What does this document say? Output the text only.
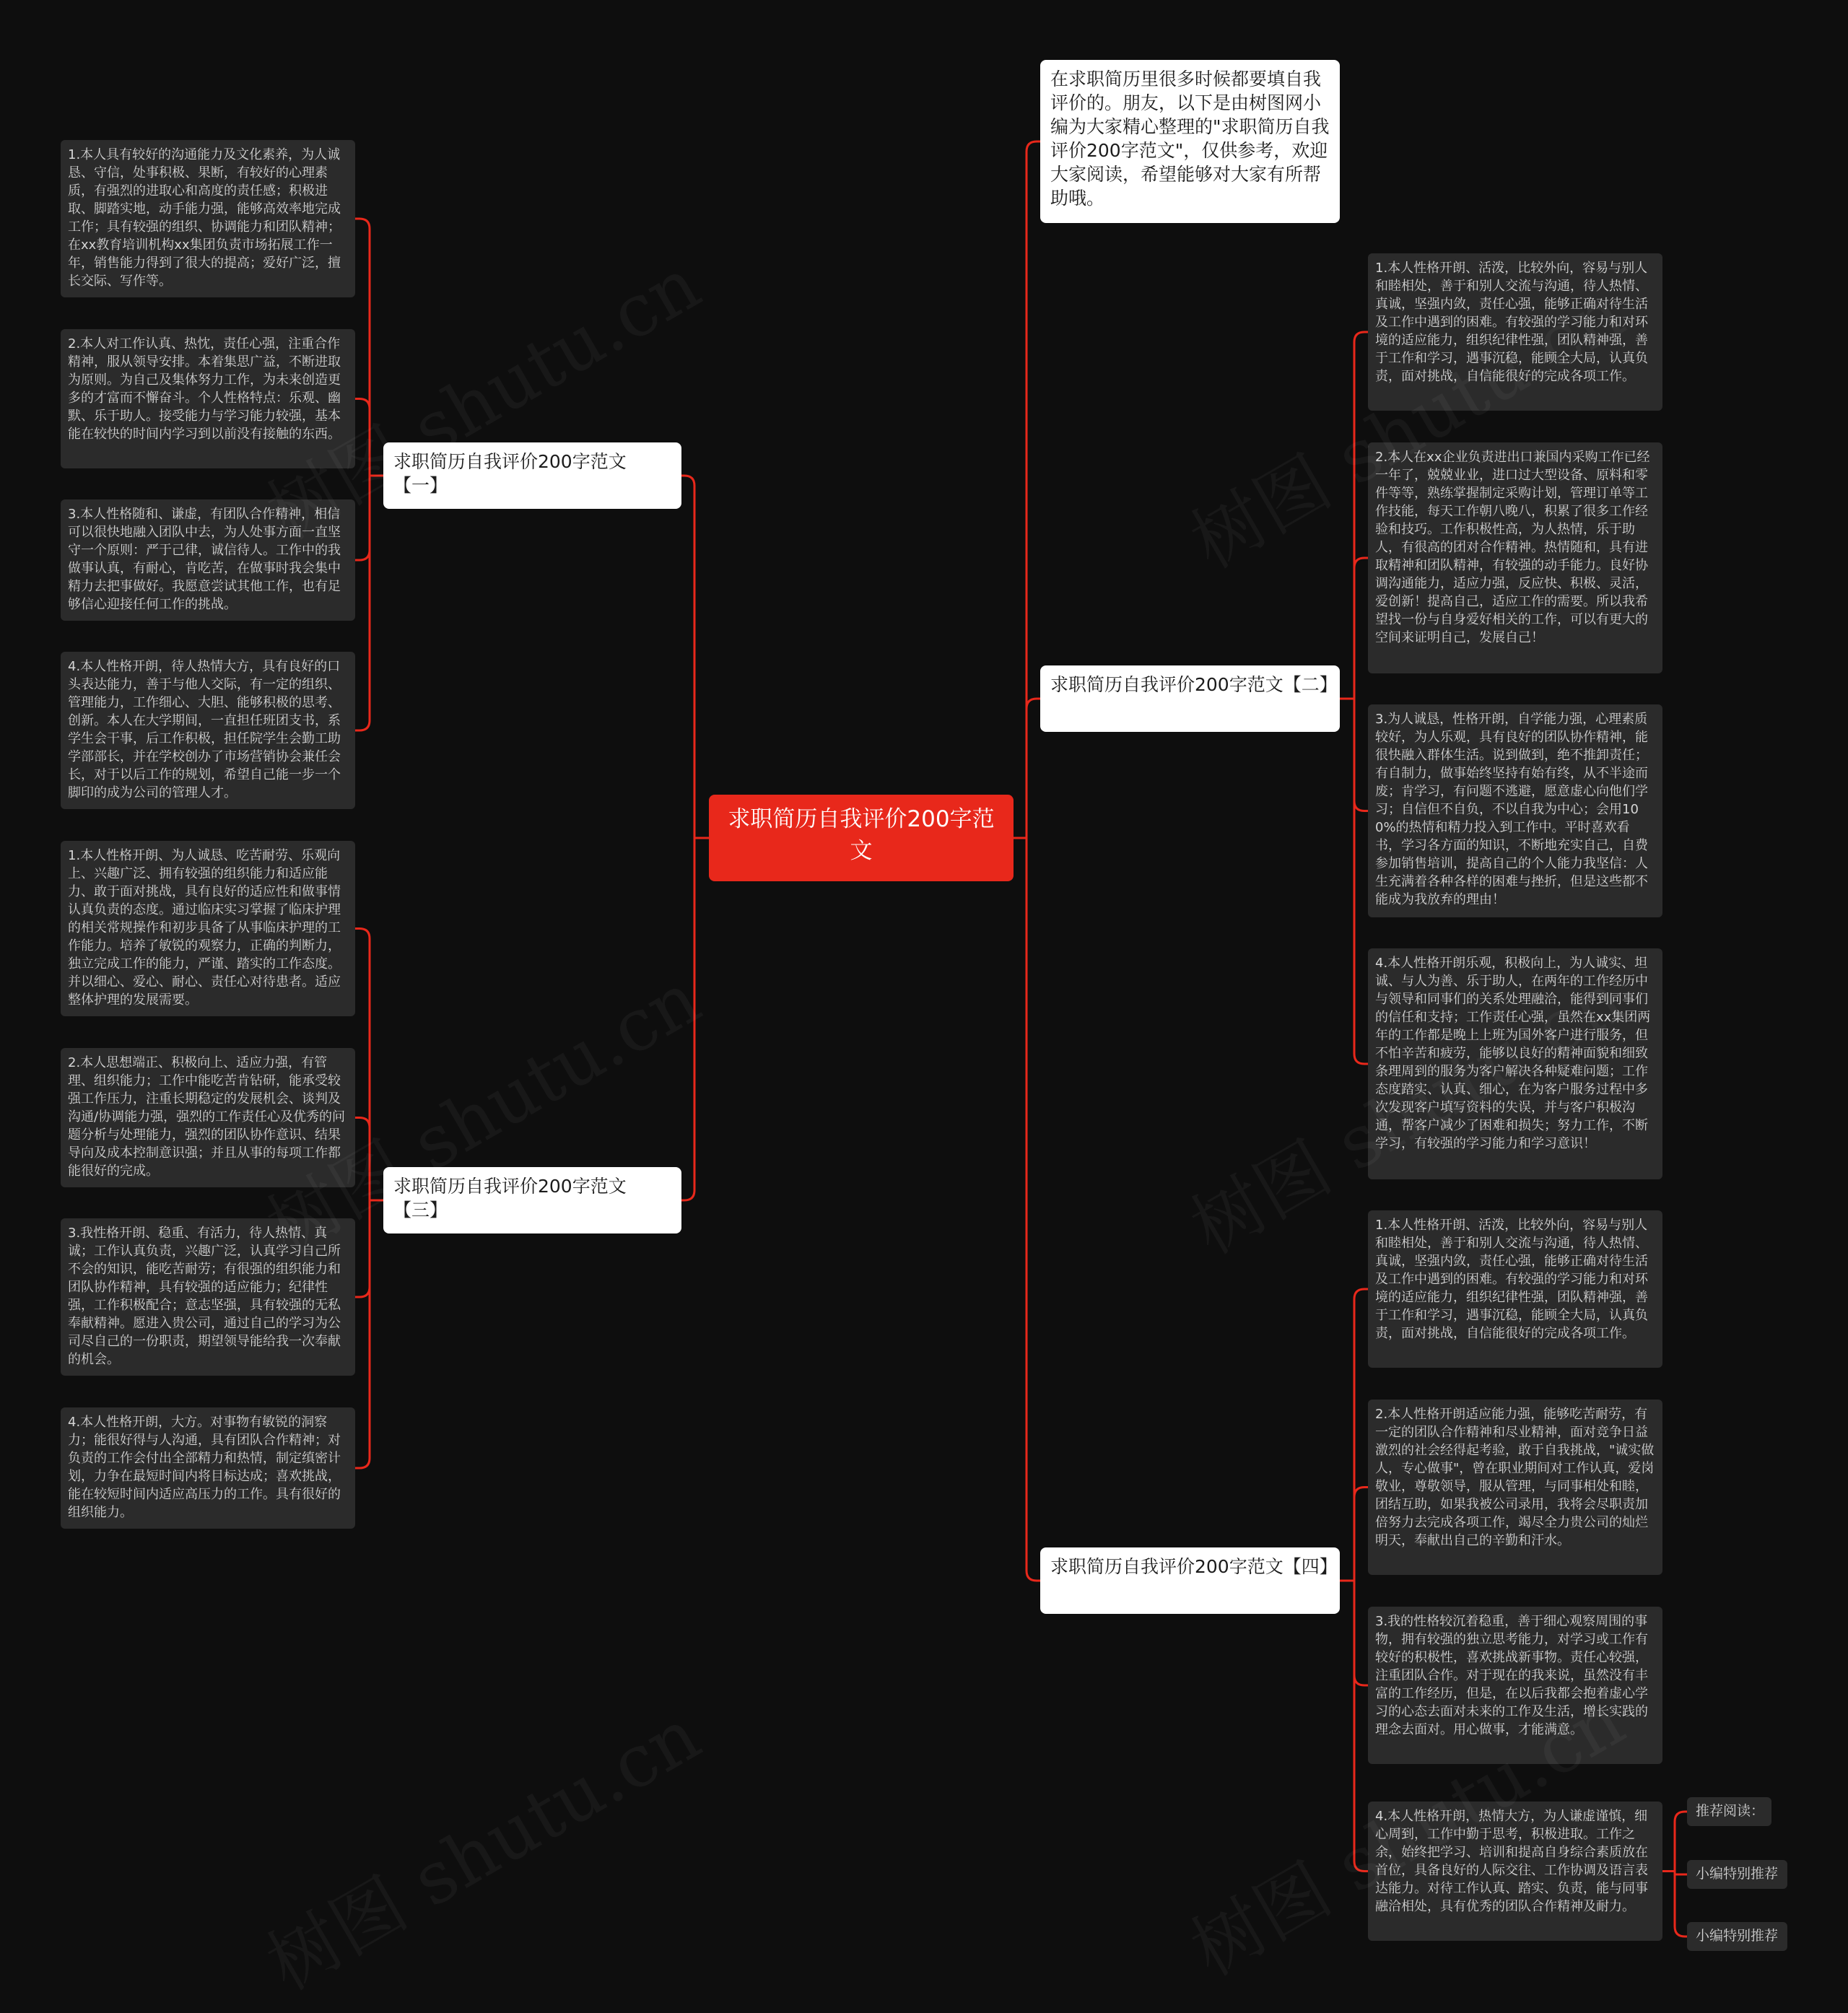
求职简历自我评价200字范文
在求职简历里很多时候都要填自我评价的。朋友，以下是由树图网小编为大家精心整理的"求职简历自我评价200字范文"，仅供参考，欢迎大家阅读，希望能够对大家有所帮助哦。
求职简历自我评价200字范文【一】
求职简历自我评价200字范文【二】
求职简历自我评价200字范文【三】
求职简历自我评价200字范文【四】
1.本人具有较好的沟通能力及文化素养，为人诚恳、守信，处事积极、果断，有较好的心理素质，有强烈的进取心和高度的责任感；积极进取、脚踏实地，动手能力强，能够高效率地完成工作；具有较强的组织、协调能力和团队精神；在xx教育培训机构xx集团负责市场拓展工作一年，销售能力得到了很大的提高；爱好广泛，擅长交际、写作等。
2.本人对工作认真、热忱，责任心强，注重合作精神，服从领导安排。本着集思广益，不断进取为原则。为自己及集体努力工作，为未来创造更多的才富而不懈奋斗。个人性格特点：乐观、幽默、乐于助人。接受能力与学习能力较强，基本能在较快的时间内学习到以前没有接触的东西。
3.本人性格随和、谦虚，有团队合作精神，相信可以很快地融入团队中去，为人处事方面一直坚守一个原则：严于己律，诚信待人。工作中的我做事认真，有耐心，肯吃苦，在做事时我会集中精力去把事做好。我愿意尝试其他工作，也有足够信心迎接任何工作的挑战。
4.本人性格开朗，待人热情大方，具有良好的口头表达能力，善于与他人交际，有一定的组织、管理能力，工作细心、大胆、能够积极的思考、创新。本人在大学期间，一直担任班团支书，系学生会干事，后工作积极，担任院学生会勤工助学部部长，并在学校创办了市场营销协会兼任会长，对于以后工作的规划，希望自己能一步一个脚印的成为公司的管理人才。
1.本人性格开朗、为人诚恳、吃苦耐劳、乐观向上、兴趣广泛、拥有较强的组织能力和适应能力、敢于面对挑战，具有良好的适应性和做事情认真负责的态度。通过临床实习掌握了临床护理的相关常规操作和初步具备了从事临床护理的工作能力。培养了敏锐的观察力，正确的判断力，独立完成工作的能力，严谨、踏实的工作态度。并以细心、爱心、耐心、责任心对待患者。适应整体护理的发展需要。
2.本人思想端正、积极向上、适应力强，有管理、组织能力；工作中能吃苦肯钻研，能承受较强工作压力，注重长期稳定的发展机会、谈判及沟通/协调能力强，强烈的工作责任心及优秀的问题分析与处理能力，强烈的团队协作意识、结果导向及成本控制意识强；并且从事的每项工作都能很好的完成。
3.我性格开朗、稳重、有活力，待人热情、真诚；工作认真负责，兴趣广泛，认真学习自己所不会的知识，能吃苦耐劳；有很强的组织能力和团队协作精神，具有较强的适应能力；纪律性强，工作积极配合；意志坚强，具有较强的无私奉献精神。愿进入贵公司，通过自己的学习为公司尽自己的一份职责，期望领导能给我一次奉献的机会。
4.本人性格开朗，大方。对事物有敏锐的洞察力；能很好得与人沟通，具有团队合作精神；对负责的工作会付出全部精力和热情，制定缜密计划，力争在最短时间内将目标达成；喜欢挑战，能在较短时间内适应高压力的工作。具有很好的组织能力。
1.本人性格开朗、活泼，比较外向，容易与别人和睦相处，善于和别人交流与沟通，待人热情、真诚，坚强内敛，责任心强，能够正确对待生活及工作中遇到的困难。有较强的学习能力和对环境的适应能力，组织纪律性强，团队精神强，善于工作和学习，遇事沉稳，能顾全大局，认真负责，面对挑战，自信能很好的完成各项工作。
2.本人在xx企业负责进出口兼国内采购工作已经一年了，兢兢业业，进口过大型设备、原料和零件等等，熟练掌握制定采购计划，管理订单等工作技能，每天工作朝八晚八，积累了很多工作经验和技巧。工作积极性高，为人热情，乐于助人，有很高的团对合作精神。热情随和，具有进取精神和团队精神，有较强的动手能力。良好协调沟通能力，适应力强，反应快、积极、灵活，爱创新！提高自己，适应工作的需要。所以我希望找一份与自身爱好相关的工作，可以有更大的空间来证明自己，发展自己！
3.为人诚恳，性格开朗，自学能力强，心理素质较好，为人乐观，具有良好的团队协作精神，能很快融入群体生活。说到做到，绝不推卸责任；有自制力，做事始终坚持有始有终，从不半途而废；肯学习，有问题不逃避，愿意虚心向他们学习；自信但不自负，不以自我为中心；会用100%的热情和精力投入到工作中。平时喜欢看书，学习各方面的知识，不断地充实自己，自费参加销售培训，提高自己的个人能力我坚信：人生充满着各种各样的困难与挫折，但是这些都不能成为我放弃的理由！
4.本人性格开朗乐观，积极向上，为人诚实、坦诚、与人为善、乐于助人，在两年的工作经历中与领导和同事们的关系处理融洽，能得到同事们的信任和支持；工作责任心强，虽然在xx集团两年的工作都是晚上上班为国外客户进行服务，但不怕辛苦和疲劳，能够以良好的精神面貌和细致条理周到的服务为客户解决各种疑难问题；工作态度踏实、认真、细心，在为客户服务过程中多次发现客户填写资料的失误，并与客户积极沟通，帮客户减少了困难和损失；努力工作，不断学习，有较强的学习能力和学习意识！
1.本人性格开朗、活泼，比较外向，容易与别人和睦相处，善于和别人交流与沟通，待人热情、真诚，坚强内敛，责任心强，能够正确对待生活及工作中遇到的困难。有较强的学习能力和对环境的适应能力，组织纪律性强，团队精神强，善于工作和学习，遇事沉稳，能顾全大局，认真负责，面对挑战，自信能很好的完成各项工作。
2.本人性格开朗适应能力强，能够吃苦耐劳，有一定的团队合作精神和尽业精神，面对竞争日益激烈的社会经得起考验，敢于自我挑战，"诚实做人，专心做事"，曾在职业期间对工作认真，爱岗敬业，尊敬领导，服从管理，与同事相处和睦，团结互助，如果我被公司录用，我将会尽职责加倍努力去完成各项工作，竭尽全力贵公司的灿烂明天，奉献出自己的辛勤和汗水。
3.我的性格较沉着稳重，善于细心观察周围的事物，拥有较强的独立思考能力，对学习或工作有较好的积极性，喜欢挑战新事物。责任心较强，注重团队合作。对于现在的我来说，虽然没有丰富的工作经历，但是，在以后我都会抱着虚心学习的心态去面对未来的工作及生活，增长实践的理念去面对。用心做事，才能满意。
4.本人性格开朗，热情大方，为人谦虚谨慎，细心周到，工作中勤于思考，积极进取。工作之余，始终把学习、培训和提高自身综合素质放在首位，具备良好的人际交往、工作协调及语言表达能力。对待工作认真、踏实、负责，能与同事融洽相处，具有优秀的团队合作精神及耐力。
推荐阅读：
小编特别推荐
小编特别推荐
